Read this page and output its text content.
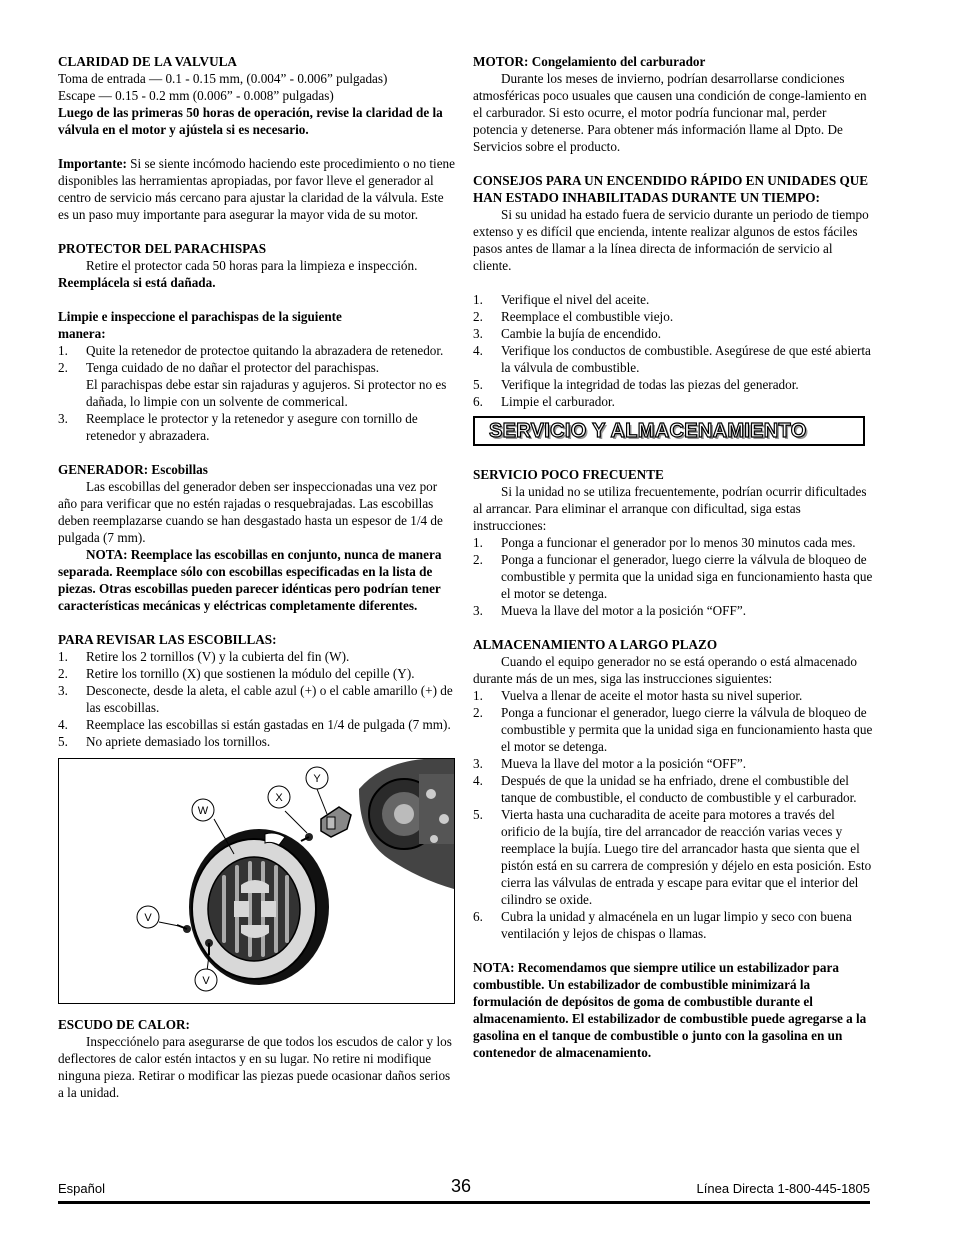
CLARIDAD DE LA VALVULA

Toma de entrada — 0.1 - 0.15 mm, (0.004” - 0.006” pulgadas)

Escape — 0.15 - 0.2 mm (0.006” - 0.008” pulgadas)

Luego de las primeras 50 horas de operación, revise la claridad de la válvula en el motor y ajústela si es necesario.

Importante: Si se siente incómodo haciendo este procedimiento o no tiene disponibles las herramientas apropiadas, por favor lleve el generador al centro de servicio más cercano para ajustar la claridad de la válvula. Este es un paso muy importante para asegurar la mayor vida de su motor.

PROTECTOR DEL PARACHISPAS

Retire el protector cada 50 horas para la limpieza e inspección.

Reemplácela si está dañada.

Limpie e inspeccione el parachispas de la siguiente

manera:

1. Quite la retenedor de protectoe quitando la abrazadera de retenedor.
2. Tenga cuidado de no dañar el protector del parachispas.
El parachispas debe estar sin rajaduras y agujeros. Si protector no es dañada, lo limpie con un solvente de commerical.
3. Reemplace le protector y la retenedor y asegure con tornillo de retenedor y abrazadera.
GENERADOR: Escobillas

Las escobillas del generador deben ser inspeccionadas una vez por año para verificar que no estén rajadas o resquebrajadas. Las escobillas deben reemplazarse cuando se han desgastado hasta un espesor de 1/4 de pulgada (7 mm).

NOTA: Reemplace las escobillas en conjunto, nunca de manera separada. Reemplace sólo con escobillas especificadas en la lista de piezas. Otras escobillas pueden parecer idénticas pero podrían tener características mecánicas y eléctricas completamente diferentes.

PARA REVISAR LAS ESCOBILLAS:
1. Retire los 2 tornillos (V) y la cubierta del fin (W).
2. Retire los tornillo (X) que sostienen la módulo del cepille (Y).
3. Desconecte, desde la aleta, el cable azul (+) o el cable amarillo (+) de las escobillas.
4. Reemplace las escobillas si están gastadas en 1/4 de pulgada (7 mm).
5. No apriete demasiado los tornillos.
Y
X
W
V
V
ESCUDO DE CALOR:

Inspecciónelo para asegurarse de que todos los escudos de calor y los deflectores de calor estén intactos y en su lugar. No retire ni modifique ninguna pieza. Retirar o modificar las piezas puede ocasionar daños serios a la unidad.

MOTOR: Congelamiento del carburador

Durante los meses de invierno, podrían desarrollarse condiciones atmosféricas poco usuales que causen una condición de conge-lamiento en el carburador. Si esto ocurre, el motor podría funcionar mal, perder potencia y detenerse. Para obtener más información llame al Dpto. De Servicios sobre el producto.

CONSEJOS PARA UN ENCENDIDO RÁPIDO EN UNIDADES QUE HAN ESTADO INHABILITADAS DURANTE UN TIEMPO:

Si su unidad ha estado fuera de servicio durante un periodo de tiempo extenso y es difícil que encienda, intente realizar algunos de estos fáciles pasos antes de llamar a la línea directa de información de servicio al cliente.

1. Verifique el nivel del aceite.
2. Reemplace el combustible viejo.
3. Cambie la bujía de encendido.
4. Verifique los conductos de combustible. Asegúrese de que esté abierta la válvula de combustible.
5. Verifique la integridad de todas las piezas del generador.
6. Limpie el carburador.
SERVICIO Y ALMACENAMIENTO
SERVICIO POCO FRECUENTE

Si la unidad no se utiliza frecuentemente, podrían ocurrir dificultades al arrancar. Para eliminar el arranque con dificultad, siga estas instrucciones:

1. Ponga a funcionar el generador por lo menos 30 minutos cada mes.
2. Ponga a funcionar el generador, luego cierre la válvula de bloqueo de combustible y permita que la unidad siga en funcionamiento hasta que el motor se detenga.
3. Mueva la llave del motor a la posición “OFF”.
ALMACENAMIENTO A LARGO PLAZO

Cuando el equipo generador no se está operando o está almacenado durante más de un mes, siga las instrucciones siguientes:

1. Vuelva a llenar de aceite el motor hasta su nivel superior.
2. Ponga a funcionar el generador, luego cierre la válvula de bloqueo de combustible y permita que la unidad siga en funcionamiento hasta que el motor se detenga.
3. Mueva la llave del motor a la posición “OFF”.
4. Después de que la unidad se ha enfriado, drene el combustible del tanque de combustible, el conducto de combustible y el carburador.
5. Vierta hasta una cucharadita de aceite para motores a través del orificio de la bujía, tire del arrancador de reacción varias veces y reemplace la bujía. Luego tire del arrancador hasta que sienta que el pistón está en su carrera de compresión y déjelo en esta posición. Esto cierra las válvulas de entrada y escape para evitar que el interior del cilindro se oxide.
6. Cubra la unidad y almacénela en un lugar limpio y seco con buena ventilación y lejos de chispas o llamas.

NOTA: Recomendamos que siempre utilice un estabilizador para combustible. Un estabilizador de combustible minimizará la formulación de depósitos de goma de combustible durante el almacenamiento. El estabilizador de combustible puede agregarse a la gasolina en el tanque de combustible o junto con la gasolina en un contenedor de almacenamiento.

Español	36	Línea Directa 1-800-445-1805
